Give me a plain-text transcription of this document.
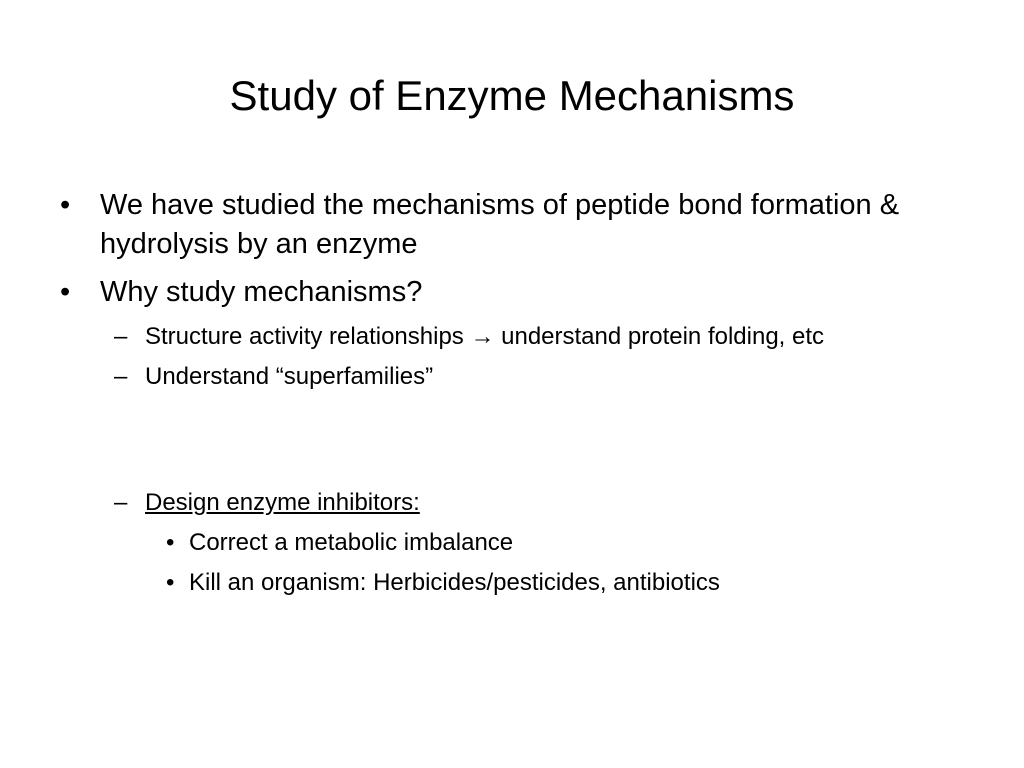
Study of Enzyme Mechanisms
• We have studied the mechanisms of peptide bond formation & hydrolysis by an enzyme
• Why study mechanisms?
– Structure activity relationships → understand protein folding, etc
– Understand “superfamilies”
– Design enzyme inhibitors:
• Correct a metabolic imbalance
• Kill an organism: Herbicides/pesticides, antibiotics
